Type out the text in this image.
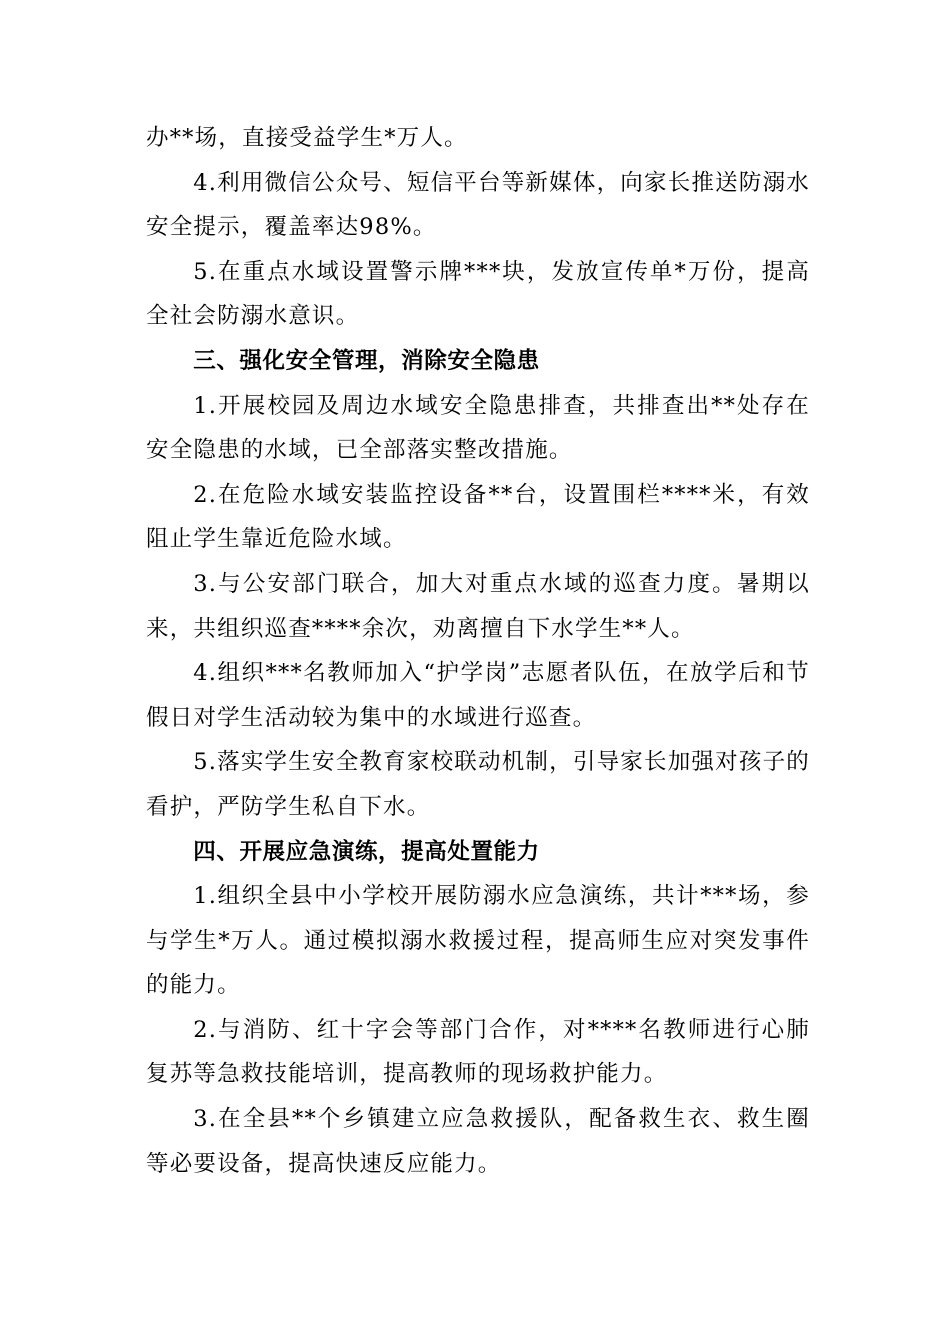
办**场，直接受益学生*万人。

4.利用微信公众号、短信平台等新媒体，向家长推送防溺水安全提示，覆盖率达98%。

5.在重点水域设置警示牌***块，发放宣传单*万份，提高全社会防溺水意识。

三、强化安全管理，消除安全隐患

1.开展校园及周边水域安全隐患排查，共排查出**处存在安全隐患的水域，已全部落实整改措施。

2.在危险水域安装监控设备**台，设置围栏****米，有效阻止学生靠近危险水域。

3.与公安部门联合，加大对重点水域的巡查力度。暑期以来，共组织巡查****余次，劝离擅自下水学生**人。

4.组织***名教师加入“护学岗”志愿者队伍，在放学后和节假日对学生活动较为集中的水域进行巡查。

5.落实学生安全教育家校联动机制，引导家长加强对孩子的看护，严防学生私自下水。

四、开展应急演练，提高处置能力

1.组织全县中小学校开展防溺水应急演练，共计***场，参与学生*万人。通过模拟溺水救援过程，提高师生应对突发事件的能力。

2.与消防、红十字会等部门合作，对****名教师进行心肺复苏等急救技能培训，提高教师的现场救护能力。

3.在全县**个乡镇建立应急救援队，配备救生衣、救生圈等必要设备，提高快速反应能力。
